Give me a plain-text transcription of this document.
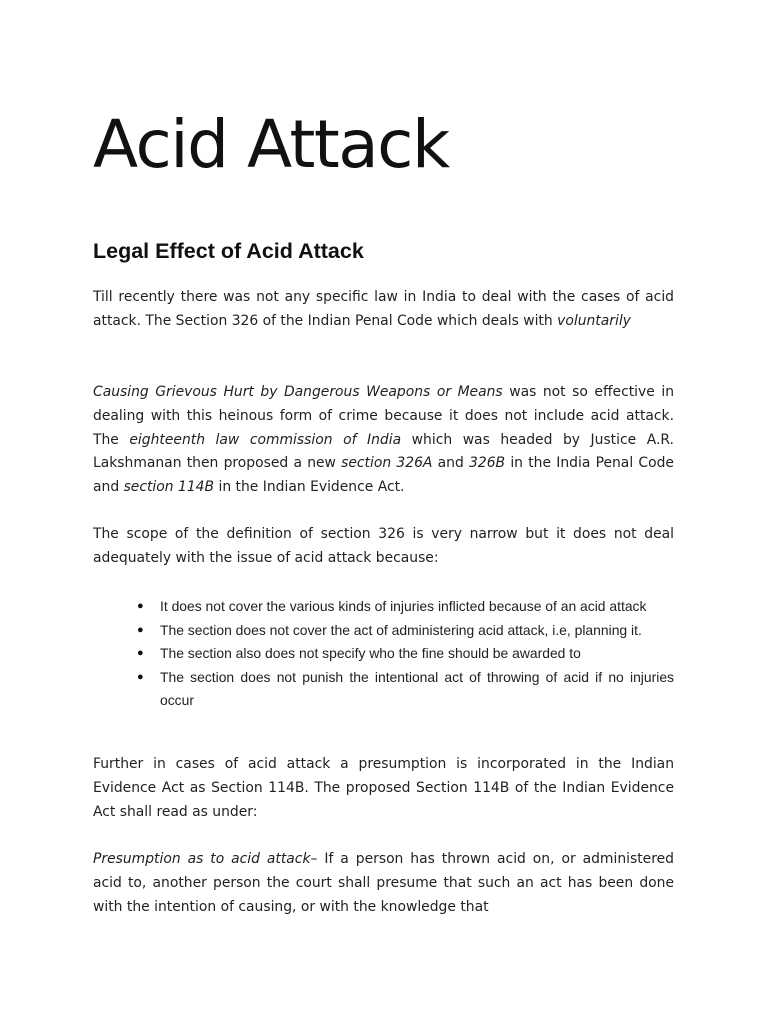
Acid Attack
Legal Effect of Acid Attack

Till recently there was not any specific law in India to deal with the cases of acid attack. The Section 326 of the Indian Penal Code which deals with voluntarily

Causing Grievous Hurt by Dangerous Weapons or Means was not so effective in dealing with this heinous form of crime because it does not include acid attack. The eighteenth law commission of India which was headed by Justice A.R. Lakshmanan then proposed a new section 326A and 326B in the India Penal Code and section 114B in the Indian Evidence Act.

The scope of the definition of section 326 is very narrow but it does not deal adequately with the issue of acid attack because:

● It does not cover the various kinds of injuries inflicted because of an acid attack
● The section does not cover the act of administering acid attack, i.e, planning it.
● The section also does not specify who the fine should be awarded to
● The section does not punish the intentional act of throwing of acid if no injuries occur

Further in cases of acid attack a presumption is incorporated in the Indian Evidence Act as Section 114B. The proposed Section 114B of the Indian Evidence Act shall read as under:

Presumption as to acid attack– If a person has thrown acid on, or administered acid to, another person the court shall presume that such an act has been done with the intention of causing, or with the knowledge that
